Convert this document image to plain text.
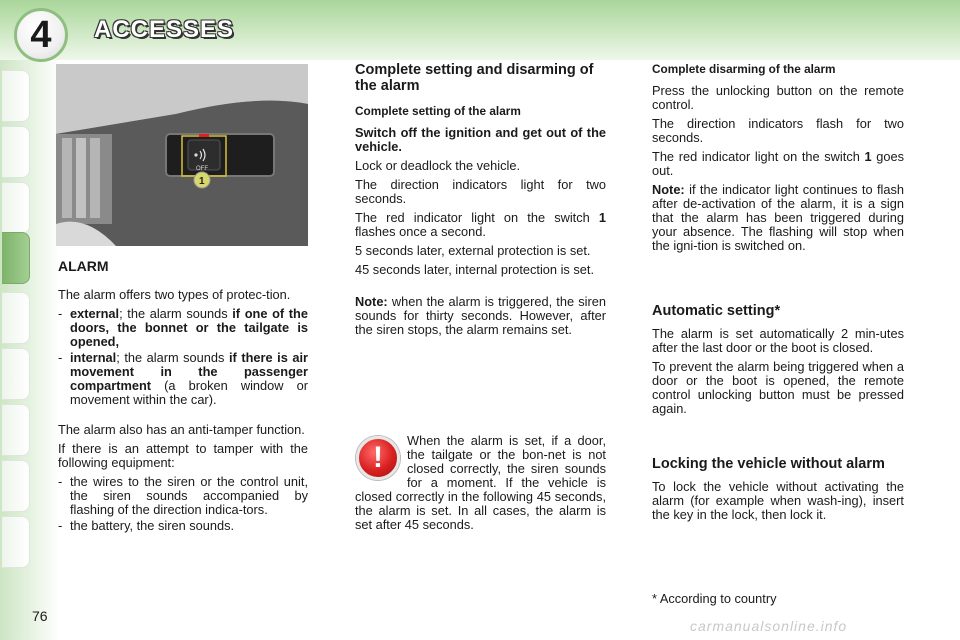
4	ACCESSES
OFF
1
ALARM

The alarm offers two types of protec-tion.

- external; the alarm sounds if one of the doors, the bonnet or the tailgate is opened,
- internal; the alarm sounds if there is air movement in the passenger compartment (a broken window or movement within the car).

The alarm also has an anti-tamper function.

If there is an attempt to tamper with the following equipment:

- the wires to the siren or the control unit, the siren sounds accompanied by flashing of the direction indica-tors.
- the battery, the siren sounds.
Complete setting and disarming of the alarm
Complete setting of the alarm

Switch off the ignition and get out of the vehicle.

Lock or deadlock the vehicle.

The direction indicators light for two seconds.

The red indicator light on the switch 1 flashes once a second.

5 seconds later, external protection is set.

45 seconds later, internal protection is set.

Note: when the alarm is triggered, the siren sounds for thirty seconds. However, after the siren stops, the alarm remains set.

!
When the alarm is set, if a door, the tailgate or the bon-net is not closed correctly, the siren sounds for a moment. If the vehicle is closed correctly in the following 45 seconds, the alarm is set. In all cases, the alarm is set after 45 seconds.
Complete disarming of the alarm

Press the unlocking button on the remote control.

The direction indicators flash for two seconds.

The red indicator light on the switch 1 goes out.

Note: if the indicator light continues to flash after de-activation of the alarm, it is a sign that the alarm has been triggered during your absence. The flashing will stop when the igni-tion is switched on.

Automatic setting*

The alarm is set automatically 2 min-utes after the last door or the boot is closed.

To prevent the alarm being triggered when a door or the boot is opened, the remote control unlocking button must be pressed again.

Locking the vehicle without alarm

To lock the vehicle without activating the alarm (for example when wash-ing), insert the key in the lock, then lock it.

* According to country
76
carmanualsonline.info
